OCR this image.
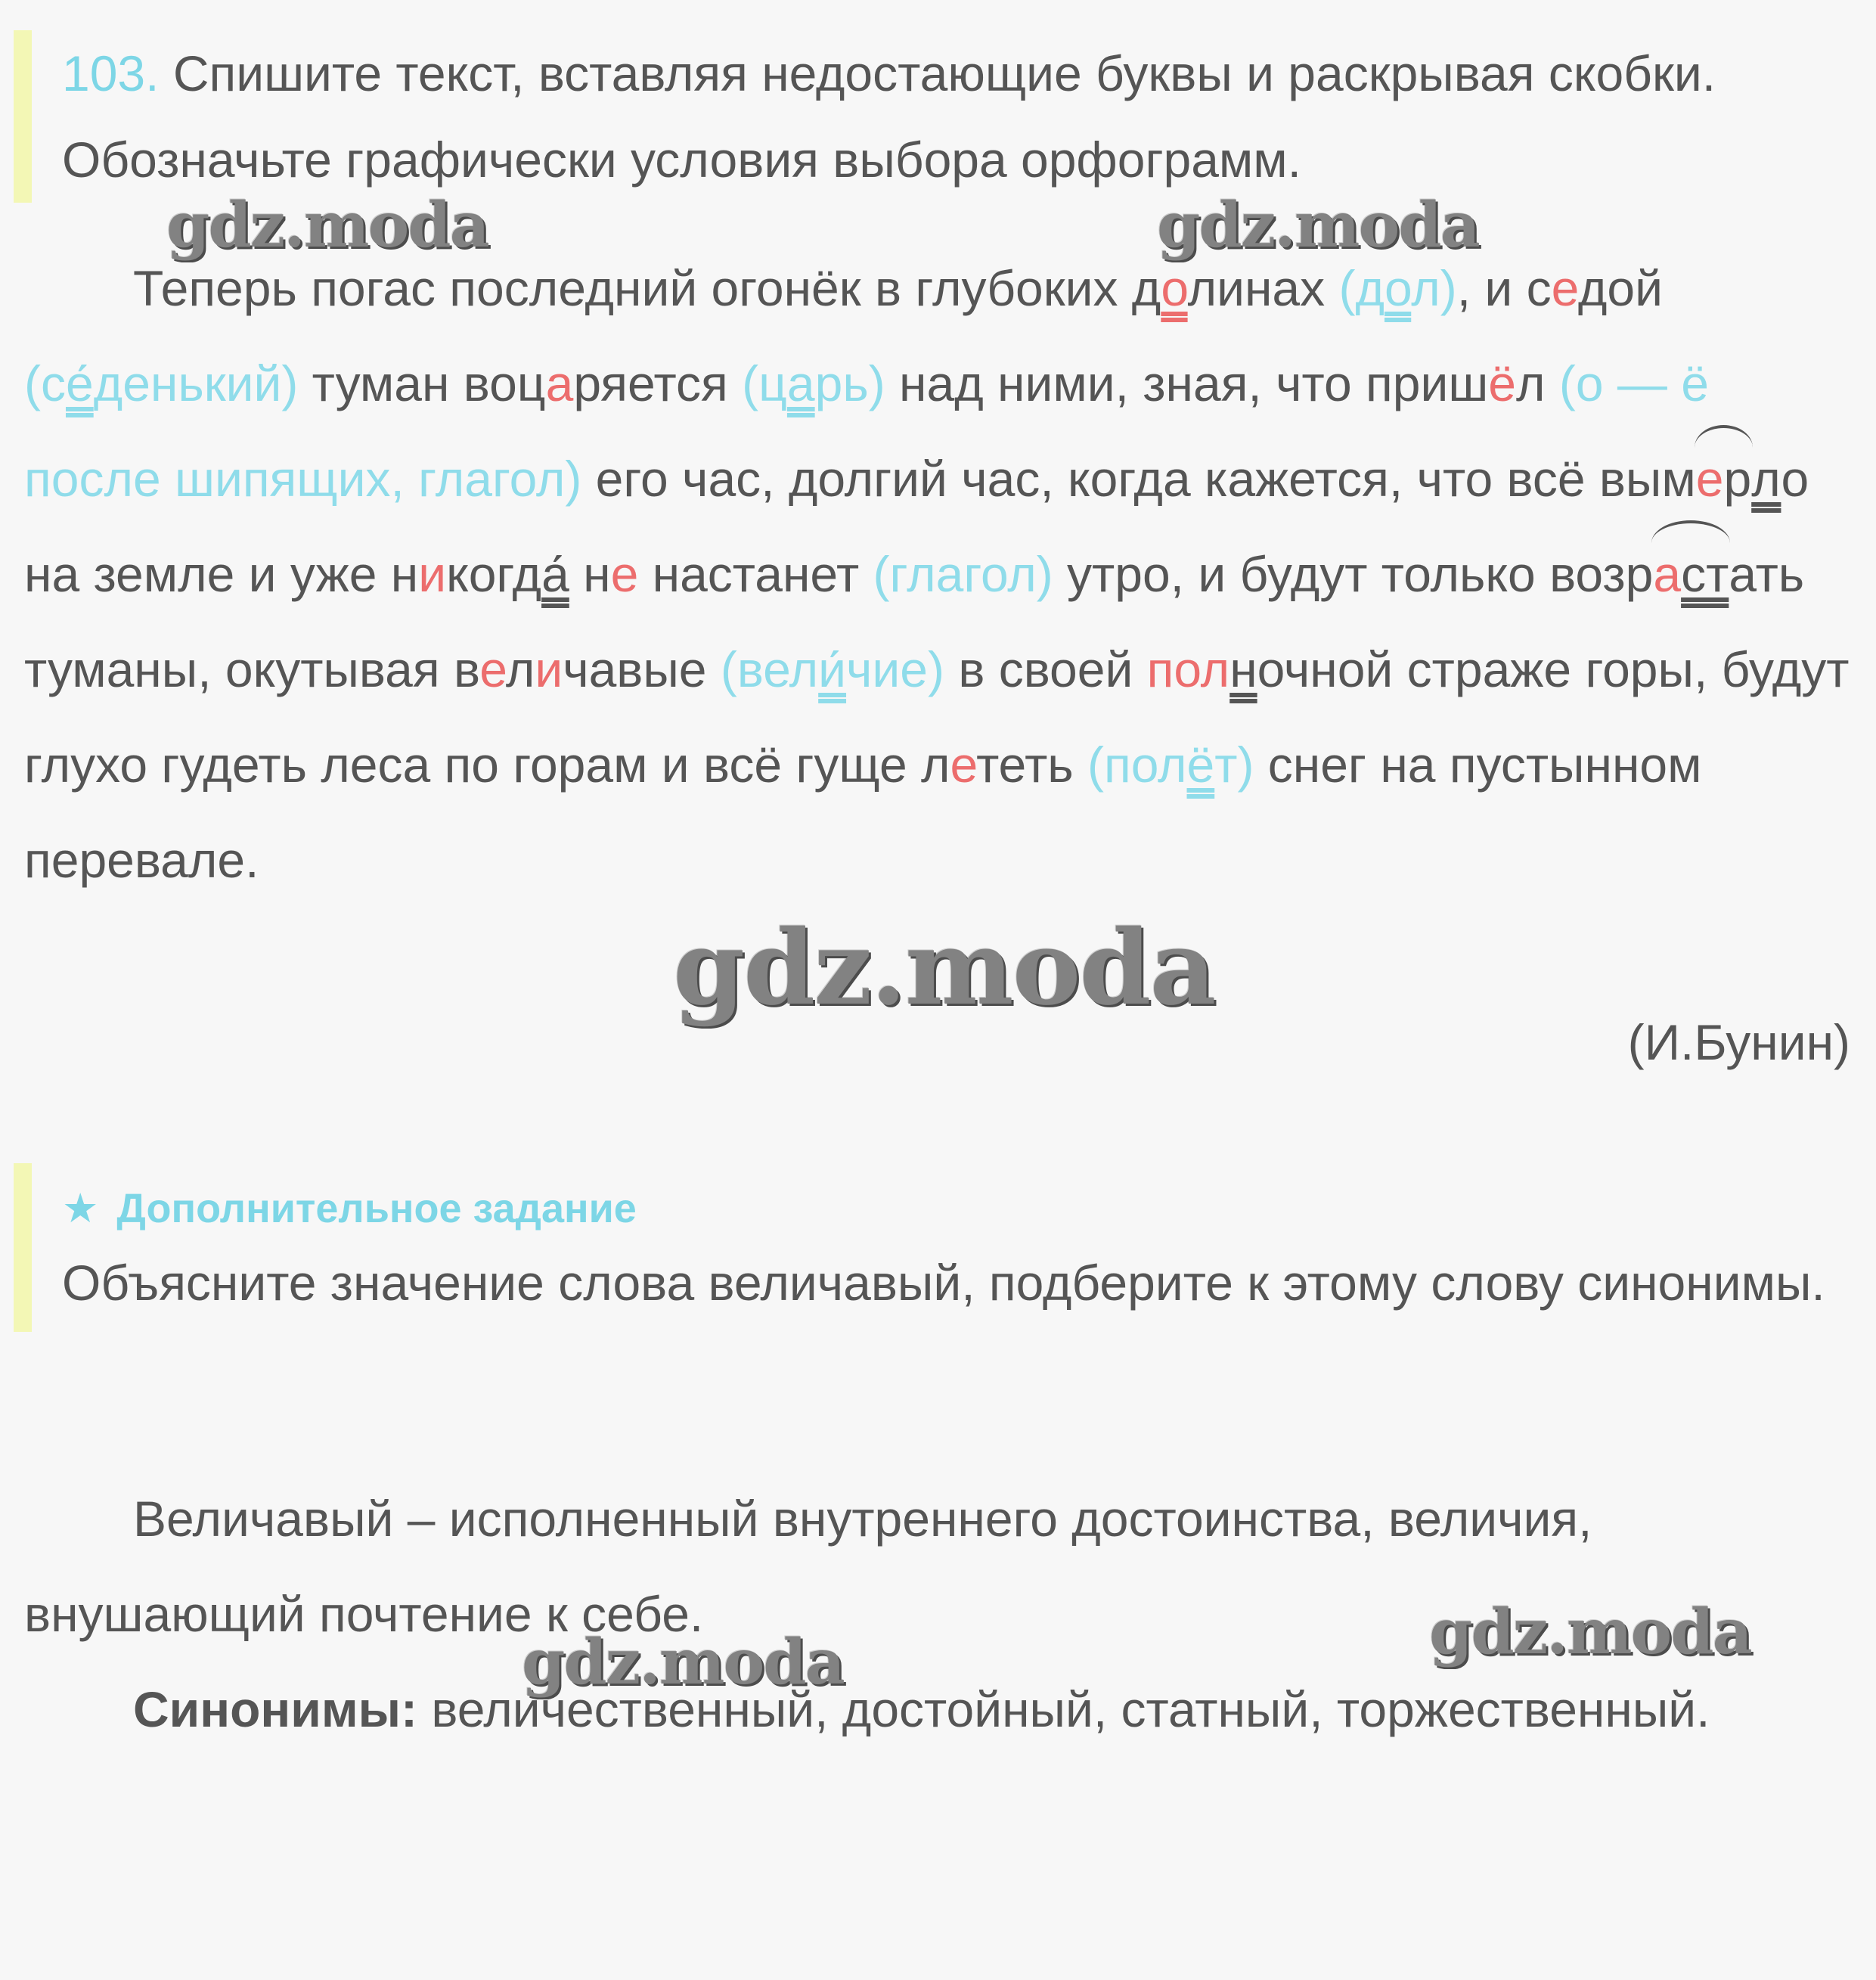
103. Спишите текст, вставляя недостающие буквы и раскрывая скобки. Обозначьте графически условия выбора орфограмм.

Теперь погас последний огонёк в глубоких долинах (дол), и седой (се́денький) туман воцаряется (царь) над ними, зная, что пришёл (о — ё после шипящих, глагол) его час, долгий час, когда кажется, что всё вымерло на земле и уже никогда́ не настанет (глагол) утро, и будут только возрастать туманы, окутывая величавые (вели́чие) в своей полночной страже горы, будут глухо гудеть леса по горам и всё гуще лететь (полёт) снег на пустынном перевале.

(И.Бунин)

★ Дополнительное задание

Объясните значение слова величавый, подберите к этому слову синонимы.

Величавый – исполненный внутреннего достоинства, величия, внушающий почтение к себе.
Синонимы: величественный, достойный, статный, торжественный.

gdz.moda	gdz.moda
gdz.moda
gdz.moda	gdz.moda
